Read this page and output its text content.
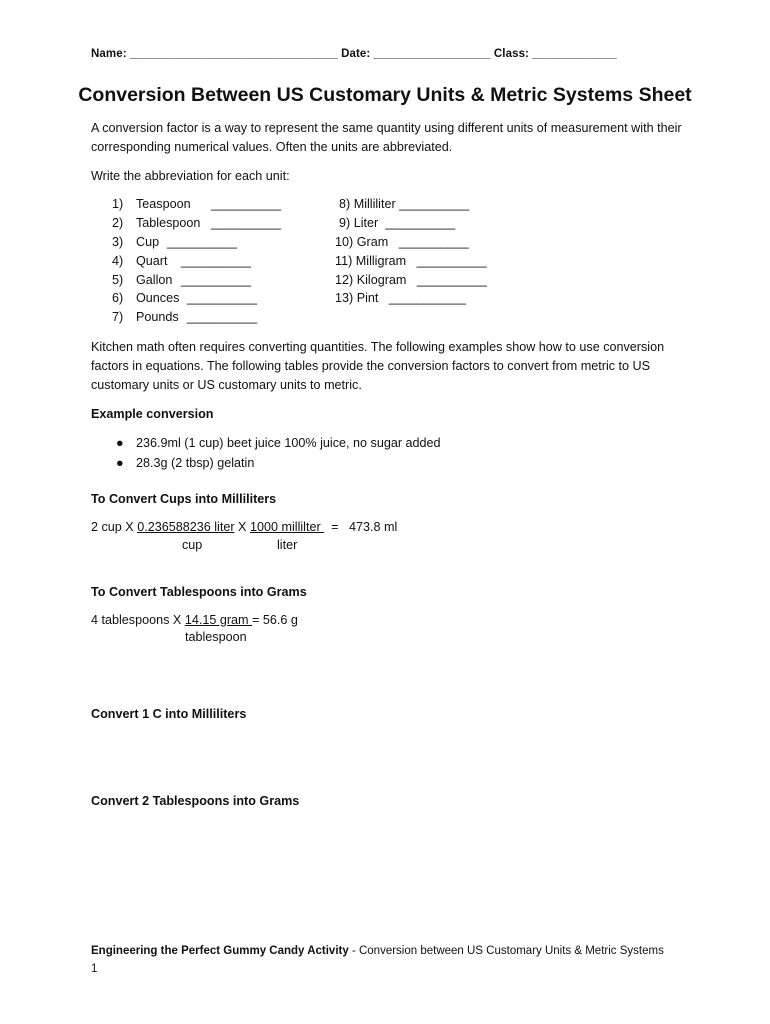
Name: ________________________________ Date: __________________ Class: _____________
Conversion Between US Customary Units & Metric Systems Sheet
A conversion factor is a way to represent the same quantity using different units of measurement with their corresponding numerical values. Often the units are abbreviated.
Write the abbreviation for each unit:
1) Teaspoon __________
2) Tablespoon __________
3) Cup __________
4) Quart __________
5) Gallon __________
6) Ounces __________
7) Pounds __________
8) Milliliter __________
9) Liter __________
10) Gram __________
11) Milligram __________
12) Kilogram __________
13) Pint ___________
Kitchen math often requires converting quantities. The following examples show how to use conversion factors in equations. The following tables provide the conversion factors to convert from metric to US customary units or US customary units to metric.
Example conversion
● 236.9ml (1 cup) beet juice 100% juice, no sugar added
● 28.3g (2 tbsp) gelatin
To Convert Cups into Milliliters
2 cup X 0.236588236 liter X 1000 millilter   =   473.8 ml
cup	liter
To Convert Tablespoons into Grams
4 tablespoons X 14.15 gram = 56.6 g
tablespoon
Convert 1 C into Milliliters
Convert 2 Tablespoons into Grams
Engineering the Perfect Gummy Candy Activity - Conversion between US Customary Units & Metric Systems
1
